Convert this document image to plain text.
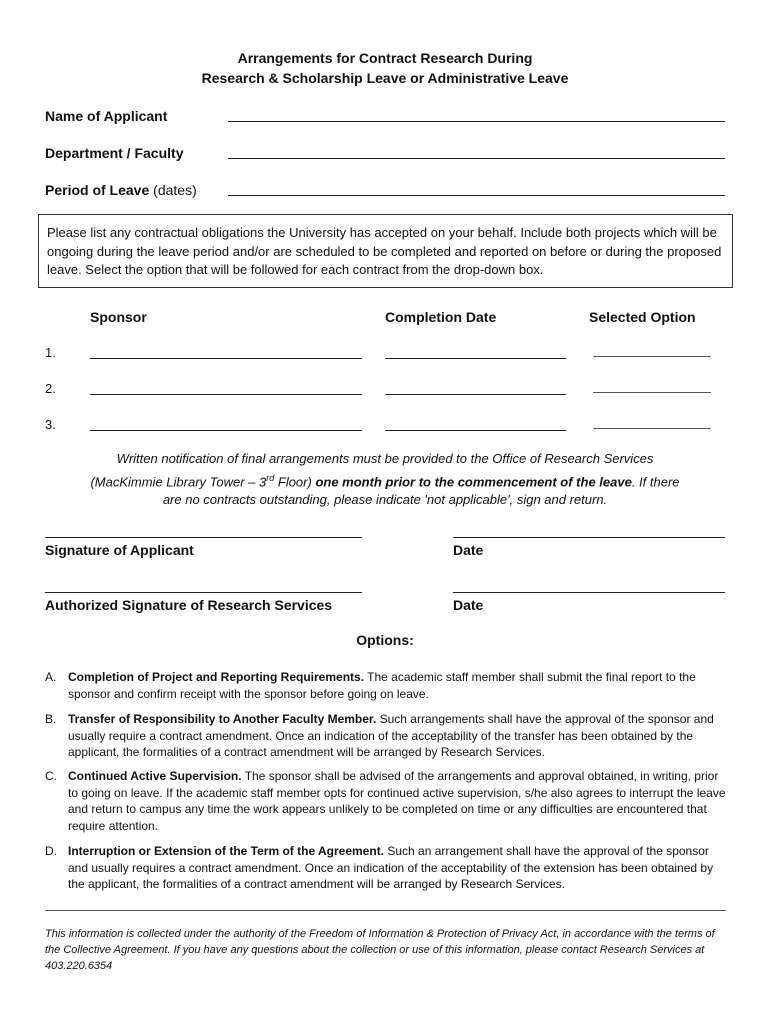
Arrangements for Contract Research During
Research & Scholarship Leave or Administrative Leave
Name of Applicant
Department / Faculty
Period of Leave (dates)
Please list any contractual obligations the University has accepted on your behalf. Include both projects which will be ongoing during the leave period and/or are scheduled to be completed and reported on before or during the proposed leave. Select the option that will be followed for each contract from the drop-down box.
Sponsor	Completion Date	Selected Option
1.
2.
3.
Written notification of final arrangements must be provided to the Office of Research Services (MacKimmie Library Tower – 3rd Floor) one month prior to the commencement of the leave. If there are no contracts outstanding, please indicate 'not applicable', sign and return.
Signature of Applicant	Date
Authorized Signature of Research Services	Date
Options:
A. Completion of Project and Reporting Requirements. The academic staff member shall submit the final report to the sponsor and confirm receipt with the sponsor before going on leave.
B. Transfer of Responsibility to Another Faculty Member. Such arrangements shall have the approval of the sponsor and usually require a contract amendment. Once an indication of the acceptability of the transfer has been obtained by the applicant, the formalities of a contract amendment will be arranged by Research Services.
C. Continued Active Supervision. The sponsor shall be advised of the arrangements and approval obtained, in writing, prior to going on leave. If the academic staff member opts for continued active supervision, s/he also agrees to interrupt the leave and return to campus any time the work appears unlikely to be completed on time or any difficulties are encountered that require attention.
D. Interruption or Extension of the Term of the Agreement. Such an arrangement shall have the approval of the sponsor and usually requires a contract amendment. Once an indication of the acceptability of the extension has been obtained by the applicant, the formalities of a contract amendment will be arranged by Research Services.
This information is collected under the authority of the Freedom of Information & Protection of Privacy Act, in accordance with the terms of the Collective Agreement. If you have any questions about the collection or use of this information, please contact Research Services at 403.220.6354
